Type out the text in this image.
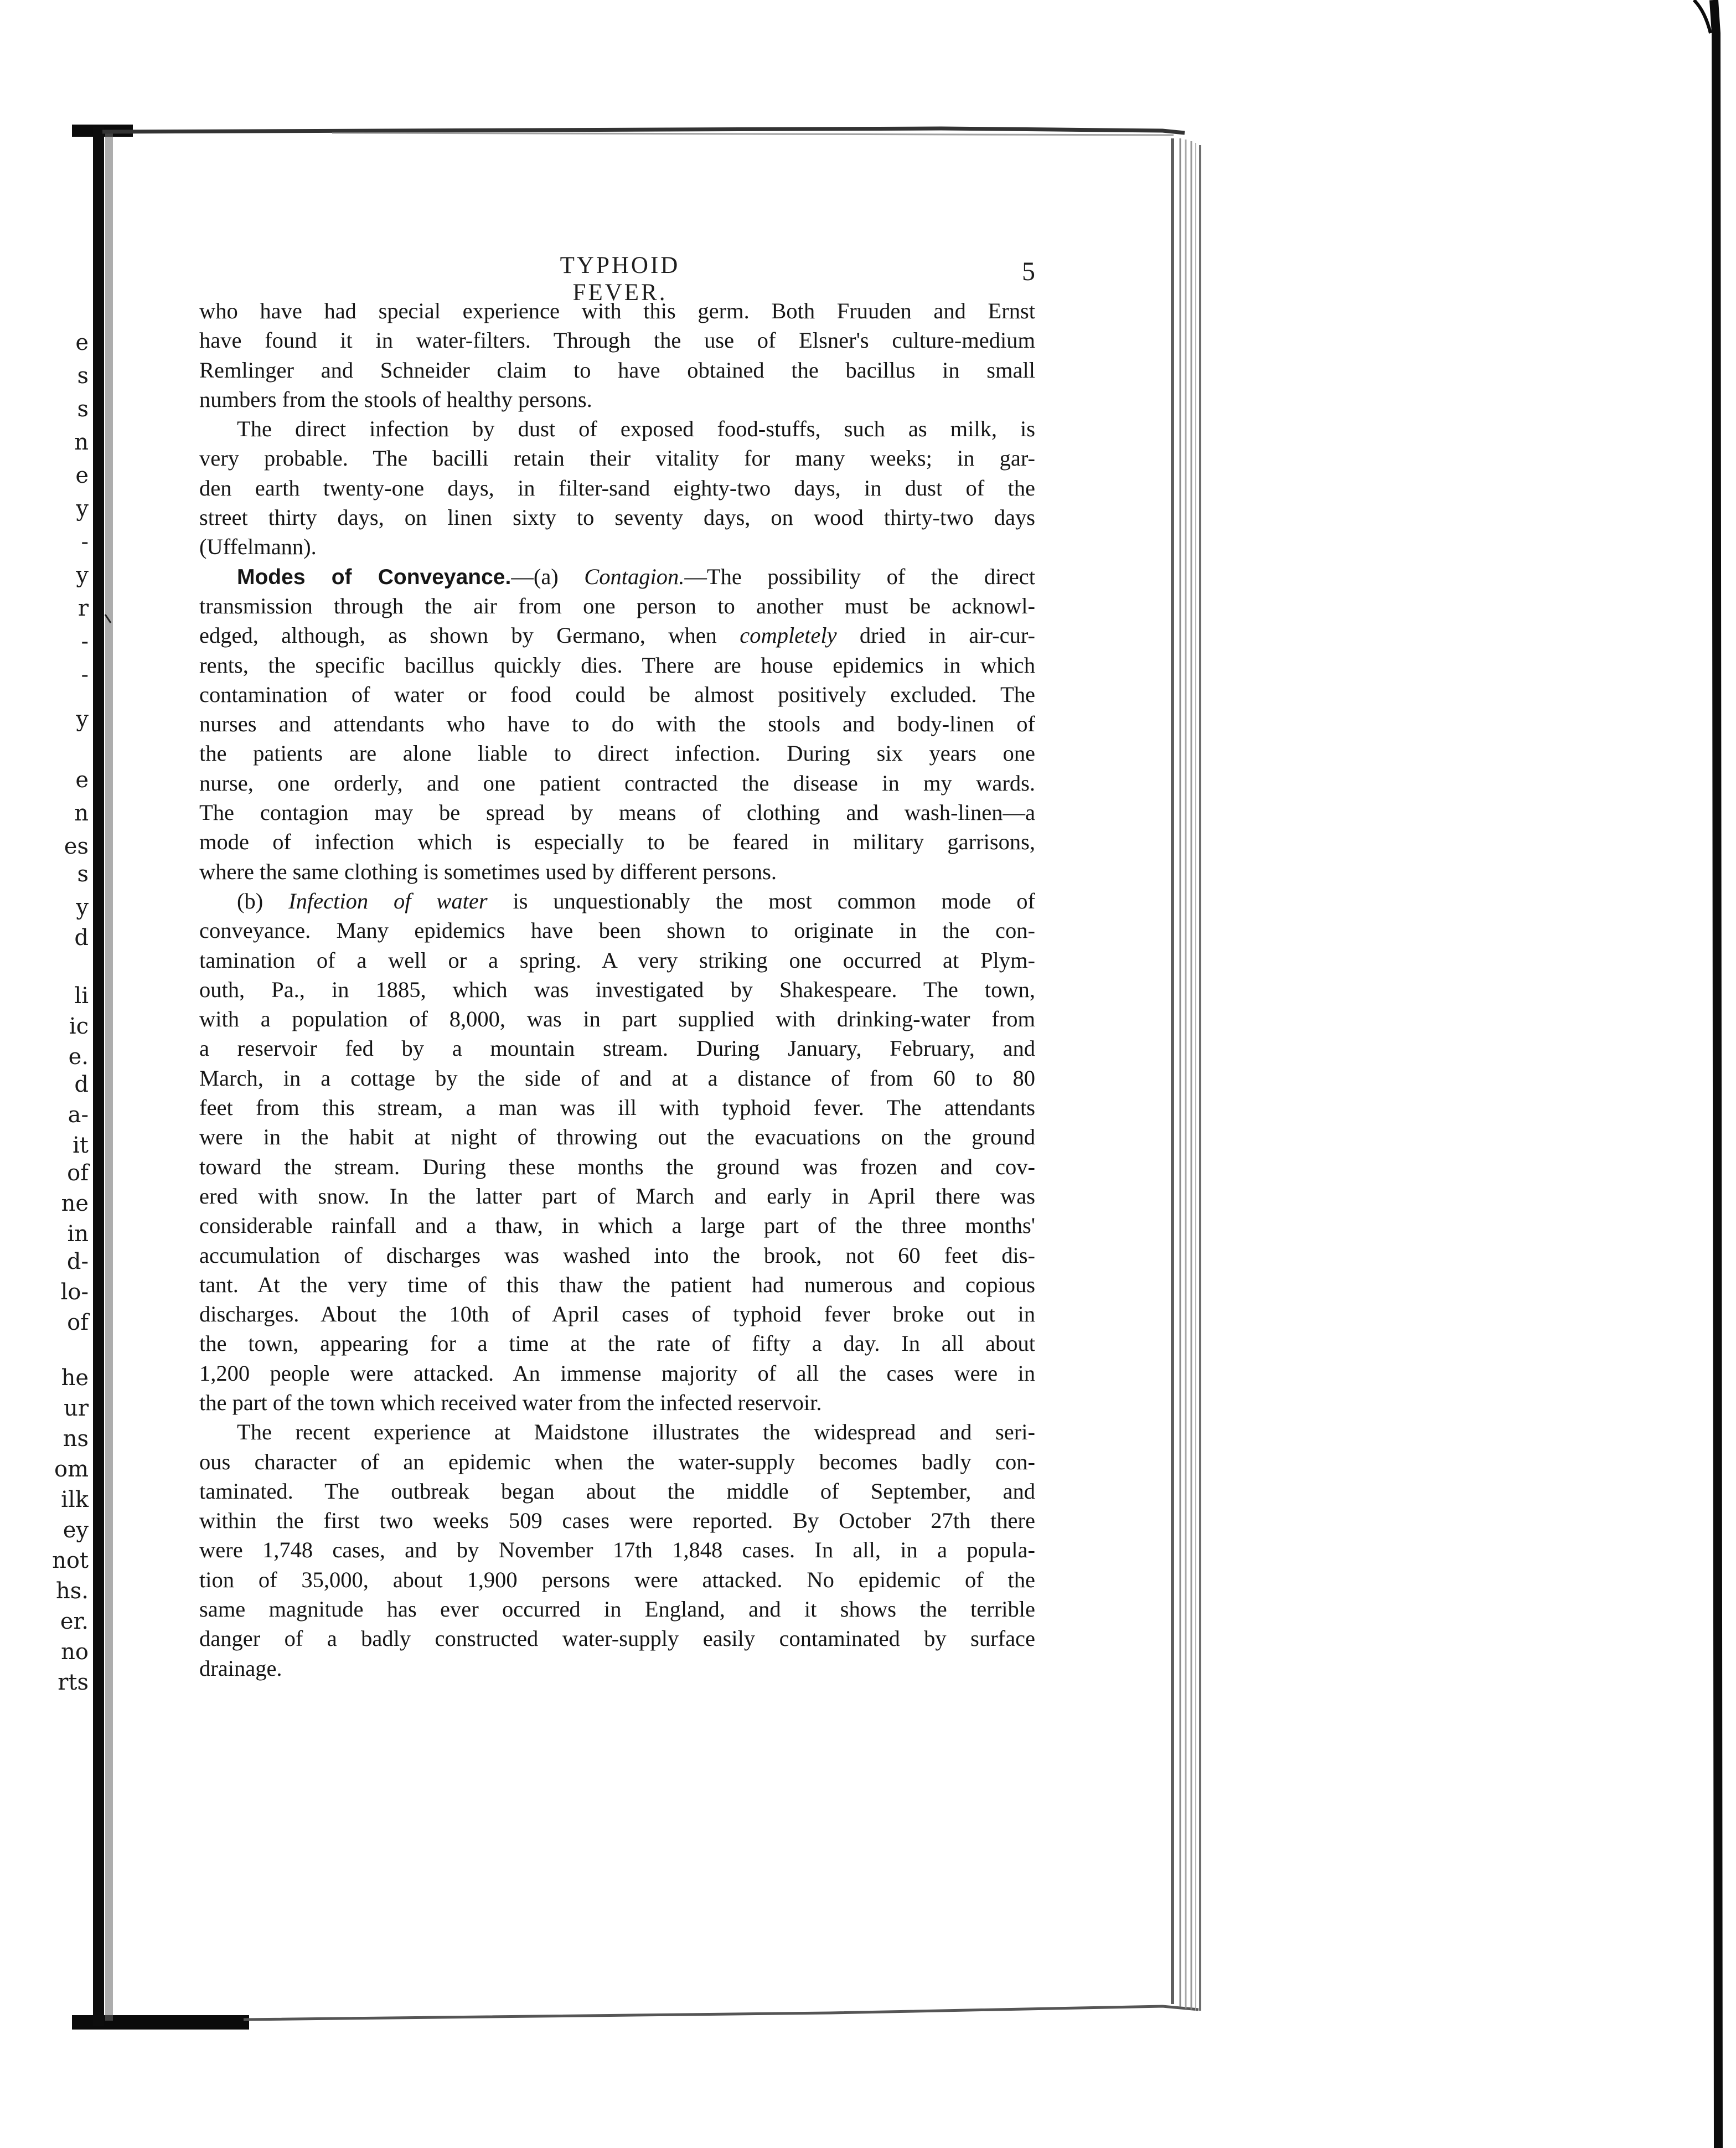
e
s
s
n
e
y
-
y
r
-
-
y
e
n
es
s
y
d
li
ic
e.
d
a-
it
of
ne
in
d-
lo-
of
he
ur
ns
om
ilk
ey
not
hs.
er.
no
rts
TYPHOID FEVER.
5
who have had special experience with this germ. Both Fruuden and Ernst
have found it in water-filters. Through the use of Elsner's culture-medium
Remlinger and Schneider claim to have obtained the bacillus in small
numbers from the stools of healthy persons.
The direct infection by dust of exposed food-stuffs, such as milk, is
very probable. The bacilli retain their vitality for many weeks; in gar-
den earth twenty-one days, in filter-sand eighty-two days, in dust of the
street thirty days, on linen sixty to seventy days, on wood thirty-two days
(Uffelmann).
Modes of Conveyance.—(a) Contagion.—The possibility of the direct
transmission through the air from one person to another must be acknowl-
edged, although, as shown by Germano, when completely dried in air-cur-
rents, the specific bacillus quickly dies. There are house epidemics in which
contamination of water or food could be almost positively excluded. The
nurses and attendants who have to do with the stools and body-linen of
the patients are alone liable to direct infection. During six years one
nurse, one orderly, and one patient contracted the disease in my wards.
The contagion may be spread by means of clothing and wash-linen—a
mode of infection which is especially to be feared in military garrisons,
where the same clothing is sometimes used by different persons.
(b) Infection of water is unquestionably the most common mode of
conveyance. Many epidemics have been shown to originate in the con-
tamination of a well or a spring. A very striking one occurred at Plym-
outh, Pa., in 1885, which was investigated by Shakespeare. The town,
with a population of 8,000, was in part supplied with drinking-water from
a reservoir fed by a mountain stream. During January, February, and
March, in a cottage by the side of and at a distance of from 60 to 80
feet from this stream, a man was ill with typhoid fever. The attendants
were in the habit at night of throwing out the evacuations on the ground
toward the stream. During these months the ground was frozen and cov-
ered with snow. In the latter part of March and early in April there was
considerable rainfall and a thaw, in which a large part of the three months'
accumulation of discharges was washed into the brook, not 60 feet dis-
tant. At the very time of this thaw the patient had numerous and copious
discharges. About the 10th of April cases of typhoid fever broke out in
the town, appearing for a time at the rate of fifty a day. In all about
1,200 people were attacked. An immense majority of all the cases were in
the part of the town which received water from the infected reservoir.
The recent experience at Maidstone illustrates the widespread and seri-
ous character of an epidemic when the water-supply becomes badly con-
taminated. The outbreak began about the middle of September, and
within the first two weeks 509 cases were reported. By October 27th there
were 1,748 cases, and by November 17th 1,848 cases. In all, in a popula-
tion of 35,000, about 1,900 persons were attacked. No epidemic of the
same magnitude has ever occurred in England, and it shows the terrible
danger of a badly constructed water-supply easily contaminated by surface
drainage.
